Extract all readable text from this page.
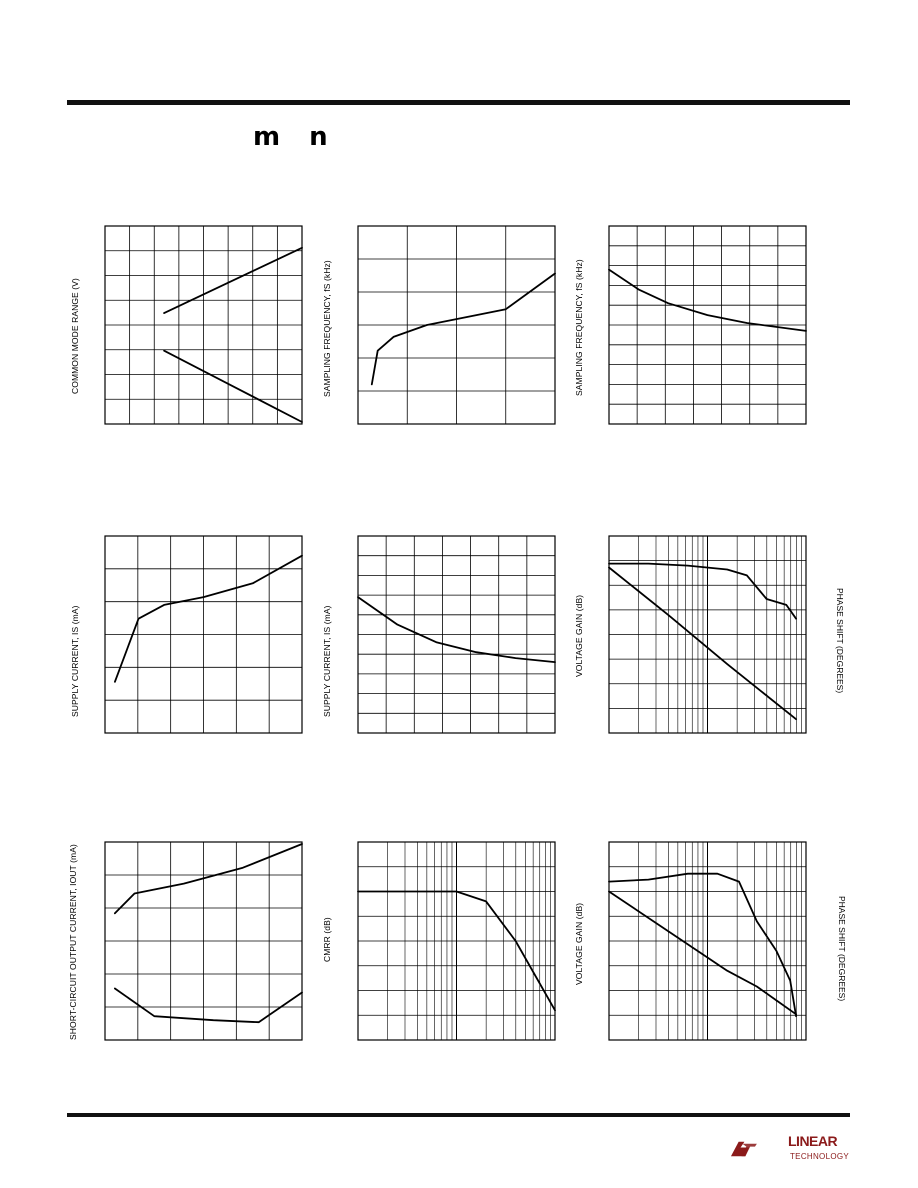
m n
COMMON MODE RANGE (V)	SAMPLING FREQUENCY, fS (kHz)	SAMPLING FREQUENCY, fS (kHz)
SUPPLY CURRENT, IS (mA)	SUPPLY CURRENT, IS (mA)	VOLTAGE GAIN (dB)	PHASE SHIFT (DEGREES)
SHORT-CIRCUIT OUTPUT CURRENT, IOUT (mA)	CMRR (dB)	VOLTAGE GAIN (dB)	PHASE SHIFT (DEGREES)
LINEAR
TECHNOLOGY
